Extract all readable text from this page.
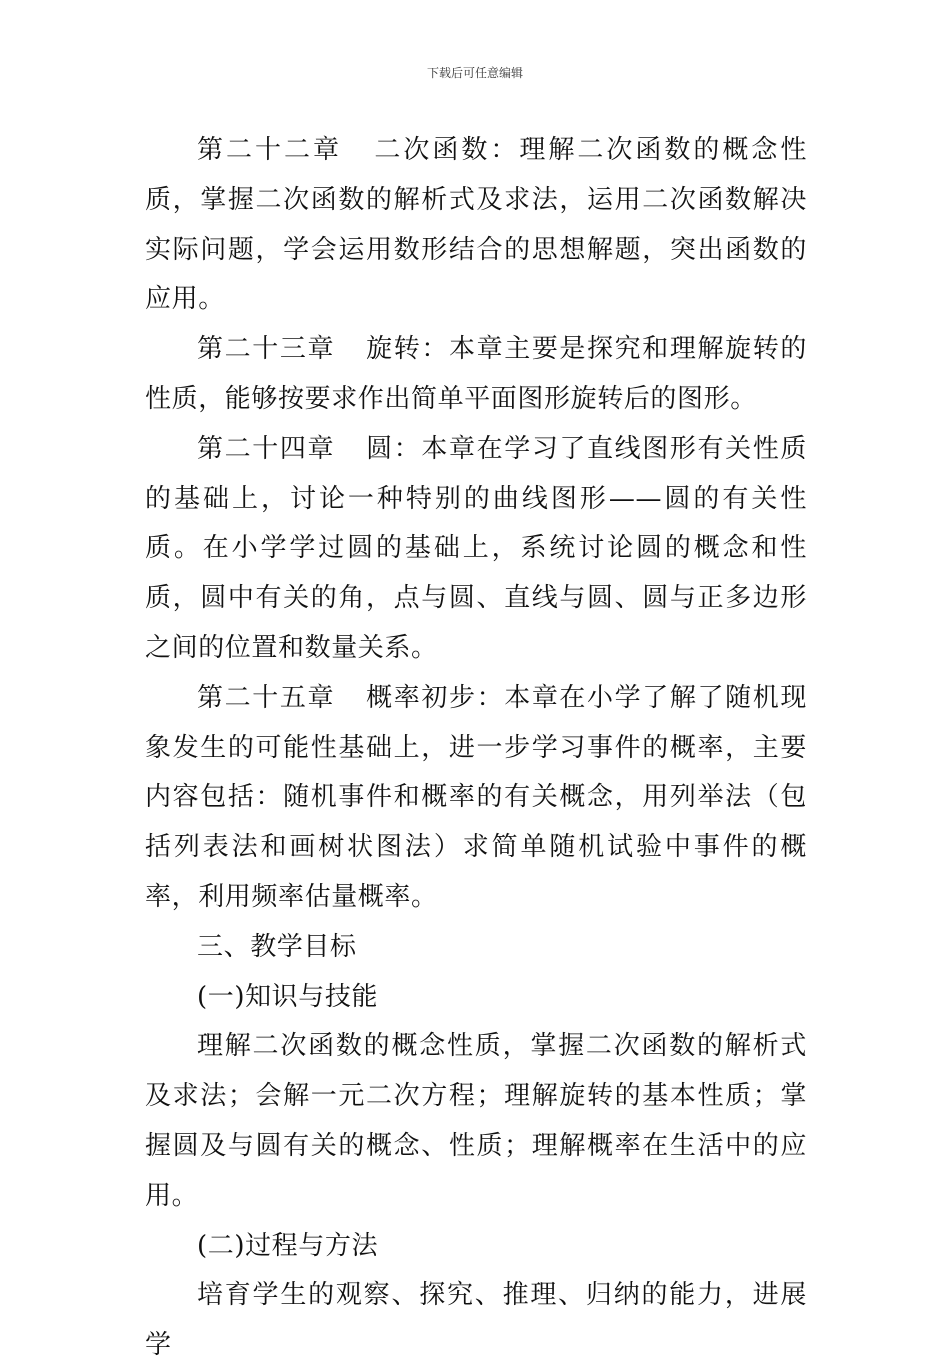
下载后可任意编辑

第二十二章 二次函数：理解二次函数的概念性质，掌握二次函数的解析式及求法，运用二次函数解决实际问题，学会运用数形结合的思想解题，突出函数的应用。

第二十三章 旋转：本章主要是探究和理解旋转的性质，能够按要求作出简单平面图形旋转后的图形。

第二十四章 圆：本章在学习了直线图形有关性质的基础上，讨论一种特别的曲线图形——圆的有关性质。在小学学过圆的基础上，系统讨论圆的概念和性质，圆中有关的角，点与圆、直线与圆、圆与正多边形之间的位置和数量关系。

第二十五章 概率初步：本章在小学了解了随机现象发生的可能性基础上，进一步学习事件的概率，主要内容包括：随机事件和概率的有关概念，用列举法（包括列表法和画树状图法）求简单随机试验中事件的概率，利用频率估量概率。

三、教学目标

(一)知识与技能

理解二次函数的概念性质，掌握二次函数的解析式及求法；会解一元二次方程；理解旋转的基本性质；掌握圆及与圆有关的概念、性质；理解概率在生活中的应用。

(二)过程与方法

培育学生的观察、探究、推理、归纳的能力，进展学
